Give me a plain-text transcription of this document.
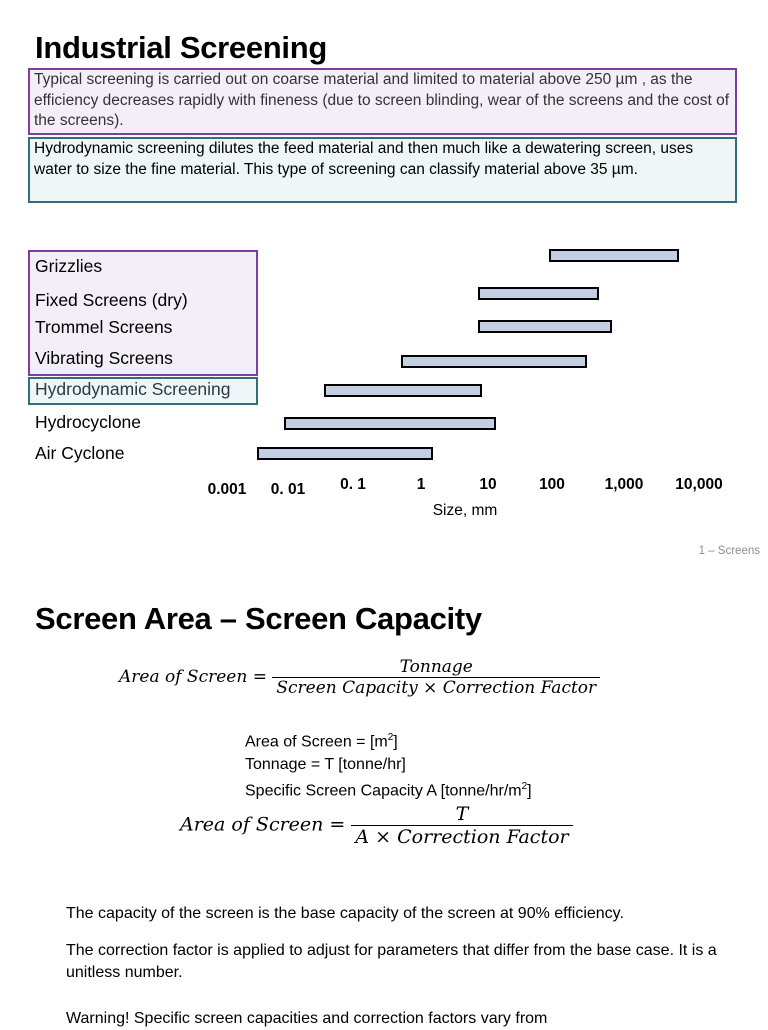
Industrial Screening
Typical screening is carried out on coarse material and limited to material above 250 µm , as the efficiency decreases rapidly with fineness (due to screen blinding, wear of the screens and the cost of the screens).
Hydrodynamic screening dilutes the feed material and then much like a dewatering screen, uses water to size the fine material. This type of screening can classify material above 35 µm.
Grizzlies
Fixed Screens (dry)
Trommel Screens
Vibrating Screens
Hydrodynamic Screening
Hydrocyclone
Air Cyclone
0.001 0. 01 0. 1	1	10	100	1,000 10,000
Size, mm
1 – Screens
Screen Area – Screen Capacity
Area of Screen = $\frac{\text{Tonnage}}{\text{Screen Capacity × Correction Factor}}$
Area of Screen = $[m^2]$
Tonnage = T [tonne/hr]
Specific Screen Capacity A $[tonne/hr/m^2]$
Area of Screen = $\frac{T}{\text{A × Correction Factor}}$
The capacity of the screen is the base capacity of the screen at 90% efficiency.
The correction factor is applied to adjust for parameters that differ from the base case. It is a unitless number.
Warning! Specific screen capacities and correction factors vary from
